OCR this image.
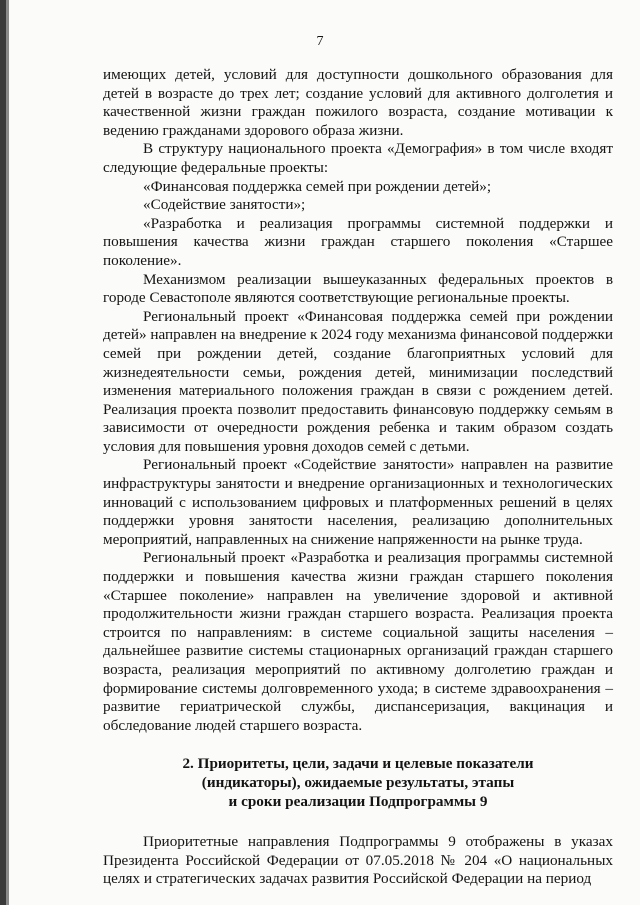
7

имеющих детей, условий для доступности дошкольного образования для детей в возрасте до трех лет; создание условий для активного долголетия и качественной жизни граждан пожилого возраста, создание мотивации к ведению гражданами здорового образа жизни.

В структуру национального проекта «Демография» в том числе входят следующие федеральные проекты:

«Финансовая поддержка семей при рождении детей»;

«Содействие занятости»;

«Разработка и реализация программы системной поддержки и повышения качества жизни граждан старшего поколения «Старшее поколение».

Механизмом реализации вышеуказанных федеральных проектов в городе Севастополе являются соответствующие региональные проекты.

Региональный проект «Финансовая поддержка семей при рождении детей» направлен на внедрение к 2024 году механизма финансовой поддержки семей при рождении детей, создание благоприятных условий для жизнедеятельности семьи, рождения детей, минимизации последствий изменения материального положения граждан в связи с рождением детей. Реализация проекта позволит предоставить финансовую поддержку семьям в зависимости от очередности рождения ребенка и таким образом создать условия для повышения уровня доходов семей с детьми.

Региональный проект «Содействие занятости» направлен на развитие инфраструктуры занятости и внедрение организационных и технологических инноваций с использованием цифровых и платформенных решений в целях поддержки уровня занятости населения, реализацию дополнительных мероприятий, направленных на снижение напряженности на рынке труда.

Региональный проект «Разработка и реализация программы системной поддержки и повышения качества жизни граждан старшего поколения «Старшее поколение» направлен на увеличение здоровой и активной продолжительности жизни граждан старшего возраста. Реализация проекта строится по направлениям: в системе социальной защиты населения – дальнейшее развитие системы стационарных организаций граждан старшего возраста, реализация мероприятий по активному долголетию граждан и формирование системы долговременного ухода; в системе здравоохранения – развитие гериатрической службы, диспансеризация, вакцинация и обследование людей старшего возраста.

2. Приоритеты, цели, задачи и целевые показатели
(индикаторы), ожидаемые результаты, этапы
и сроки реализации Подпрограммы 9

Приоритетные направления Подпрограммы 9 отображены в указах Президента Российской Федерации от 07.05.2018 № 204 «О национальных целях и стратегических задачах развития Российской Федерации на период
